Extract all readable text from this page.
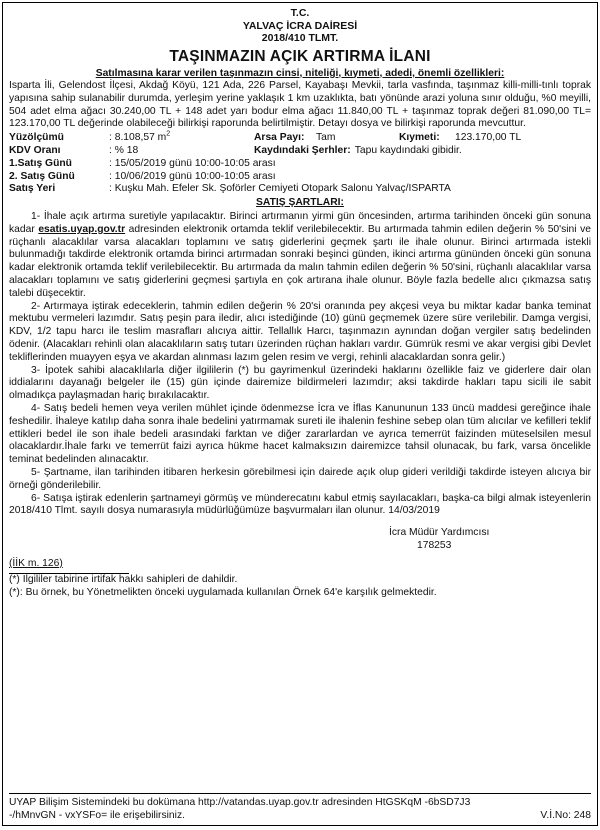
T.C.
YALVAÇ İCRA DAİRESİ
2018/410 TLMT.
TAŞINMAZIN AÇIK ARTIRMA İLANI
Satılmasına karar verilen taşınmazın cinsi, niteliği, kıymeti, adedi, önemli özellikleri:

Isparta İli, Gelendost İlçesi, Akdağ Köyü, 121 Ada, 226 Parsel, Kayabaşı Mevkii, tarla vasfında, taşınmaz killi-milli-tınlı toprak yapısına sahip sulanabilir durumda, yerleşim yerine yaklaşık 1 km uzaklıkta, batı yönünde arazi yoluna sınır olduğu, %0 meyilli, 504 adet elma ağacı 30.240,00 TL + 148 adet yarı bodur elma ağacı 11.840,00 TL + taşınmaz toprak değeri 81.090,00 TL= 123.170,00 TL değerinde olabileceği bilirkişi raporunda belirtilmiştir. Detayı dosya ve bilirkişi raporunda mevcuttur.

Yüzölçümü	: 8.108,57 $m^2$	Arsa Payı:	Tam	Kıymeti:	123.170,00 TL
KDV Oranı	: % 18	Kaydındaki Şerhler: Tapu kaydındaki gibidir.
1.Satış Günü	: 15/05/2019 günü 10:00-10:05 arası
2. Satış Günü	: 10/06/2019 günü 10:00-10:05 arası
Satış Yeri	: Kuşku Mah. Efeler Sk. Şoförler Cemiyeti Otopark Salonu Yalvaç/ISPARTA
SATIŞ ŞARTLARI:

1- İhale açık artırma suretiyle yapılacaktır. Birinci artırmanın yirmi gün öncesinden, artırma tarihinden önceki gün sonuna kadar esatis.uyap.gov.tr adresinden elektronik ortamda teklif verilebilecektir. Bu artırmada tahmin edilen değerin % 50'sini ve rüçhanlı alacaklılar varsa alacakları toplamını ve satış giderlerini geçmek şartı ile ihale olunur. Birinci artırmada istekli bulunmadığı takdirde elektronik ortamda birinci artırmadan sonraki beşinci günden, ikinci artırma gününden önceki gün sonuna kadar elektronik ortamda teklif verilebilecektir. Bu artırmada da malın tahmin edilen değerin % 50'sini, rüçhanlı alacaklılar varsa alacakları toplamını ve satış giderlerini geçmesi şartıyla en çok artırana ihale olunur. Böyle fazla bedelle alıcı çıkmazsa satış talebi düşecektir.

2- Artırmaya iştirak edeceklerin, tahmin edilen değerin % 20'si oranında pey akçesi veya bu miktar kadar banka teminat mektubu vermeleri lazımdır. Satış peşin para iledir, alıcı istediğinde (10) günü geçmemek üzere süre verilebilir. Damga vergisi, KDV, 1/2 tapu harcı ile teslim masrafları alıcıya aittir. Tellallık Harcı, taşınmazın aynından doğan vergiler satış bedelinden ödenir. (Alacakları rehinli olan alacaklıların satış tutarı üzerinden rüçhan hakları vardır. Gümrük resmi ve akar vergisi gibi Devlet tekliflerinden muayyen eşya ve akardan alınması lazım gelen resim ve vergi, rehinli alacaklardan sonra gelir.)

3- İpotek sahibi alacaklılarla diğer ilgililerin (*) bu gayrimenkul üzerindeki haklarını özellikle faiz ve giderlere dair olan iddialarını dayanağı belgeler ile (15) gün içinde dairemize bildirmeleri lazımdır; aksi takdirde hakları tapu sicili ile sabit olmadıkça paylaşmadan hariç bırakılacaktır.

4- Satış bedeli hemen veya verilen mühlet içinde ödenmezse İcra ve İflas Kanununun 133 üncü maddesi gereğince ihale feshedilir. İhaleye katılıp daha sonra ihale bedelini yatırmamak sureti ile ihalenin feshine sebep olan tüm alıcılar ve kefilleri teklif ettikleri bedel ile son ihale bedeli arasındaki farktan ve diğer zararlardan ve ayrıca temerrüt faizinden müteselsilen mesul olacaklardır.İhale farkı ve temerrüt faizi ayrıca hükme hacet kalmaksızın dairemizce tahsil olunacak, bu fark, varsa öncelikle teminat bedelinden alınacaktır.

5- Şartname, ilan tarihinden itibaren herkesin görebilmesi için dairede açık olup gideri verildiği takdirde isteyen alıcıya bir örneği gönderilebilir.

6- Satışa iştirak edenlerin şartnameyi görmüş ve münderecatını kabul etmiş sayılacakları, başka-ca bilgi almak isteyenlerin 2018/410 Tlmt. sayılı dosya numarasıyla müdürlüğümüze başvurmaları ilan olunur. 14/03/2019

İcra Müdür Yardımcısı
178253
(İİK m. 126)

(*) İlgililer tabirine irtifak hakkı sahipleri de dahildir.

(*): Bu örnek, bu Yönetmelikten önceki uygulamada kullanılan Örnek 64'e karşılık gelmektedir.

UYAP Bilişim Sistemindeki bu dokümana http://vatandas.uyap.gov.tr adresinden HtGSKqM -6bSD7J3
-/hMnvGN - vxYSFo= ile erişebilirsiniz.	V.İ.No: 248
